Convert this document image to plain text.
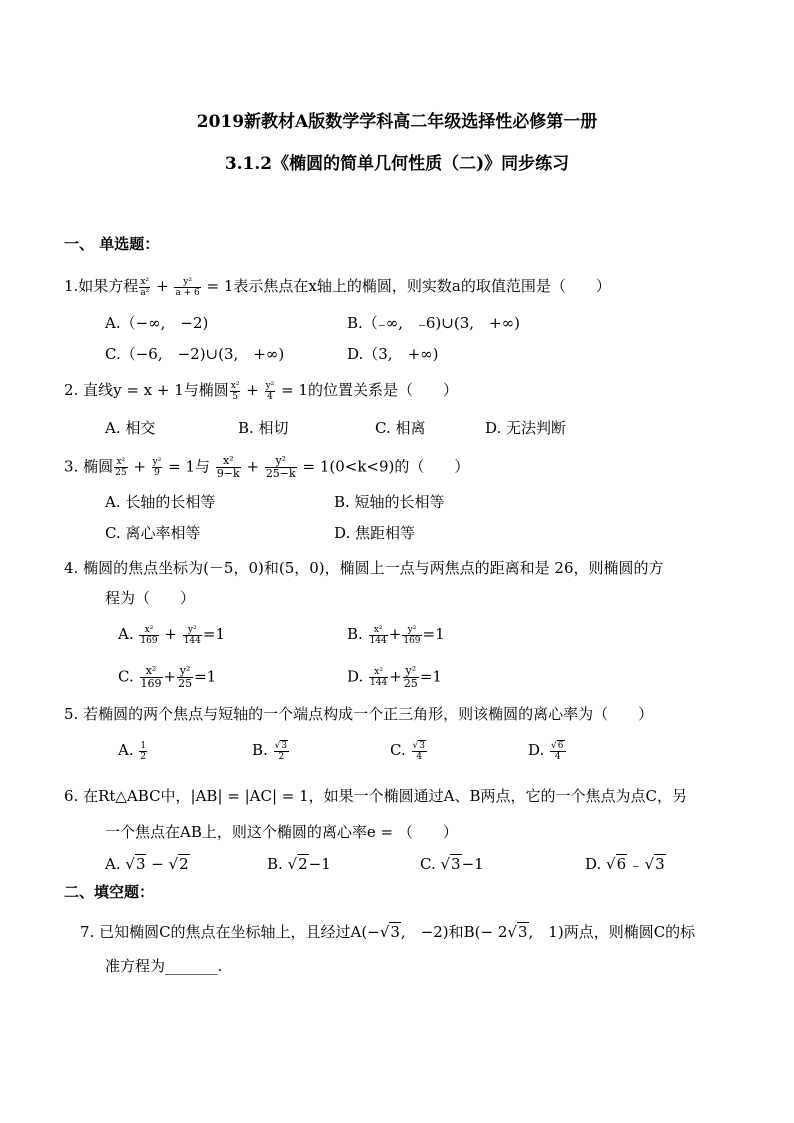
2019新教材A版数学学科高二年级选择性必修第一册
3.1.2《椭圆的简单几何性质（二)》同步练习
一、 单选题：
1.如果方程 $\frac{\text{x²}}{\text{a²}} + \frac{\text{y²}}{a + 6} = 1$表示焦点在x轴上的椭圆，则实数a的取值范围是（　　）
A.（−∞,　−2)	B.（₋∞,　₋6)∪(3,　+∞)
C.（−6,　−2)∪(3,　+∞)	D.（3,　+∞)
2. 直线y = x + 1与椭圆 $\frac{\text{x²}}{5} + \frac{\text{y²}}{4} = 1$的位置关系是（　　）
A. 相交	B. 相切	C. 相离	D. 无法判断
3. 椭圆 $\frac{\text{x²}}{25} + \frac{\text{y²}}{9} = 1$与 $\frac{\text{x²}}{9-k} + \frac{\text{y²}}{25-k} = 1(0<k<9)$的（　　）
A. 长轴的长相等	B. 短轴的长相等
C. 离心率相等	D. 焦距相等
4. 椭圆的焦点坐标为(－5，0)和(5，0)，椭圆上一点与两焦点的距离和是 26，则椭圆的方
程为（　　）
A. $\frac{\text{x²}}{169} + \frac{\text{y²}}{144} =1$	B. $\frac{\text{x²}}{144} + \frac{\text{y²}}{169} =1$
C. $\frac{\text{x²}}{169} + \frac{\text{y²}}{25} =1$	D. $\frac{\text{x²}}{144} + \frac{\text{y²}}{25} =1$
5. 若椭圆的两个焦点与短轴的一个端点构成一个正三角形，则该椭圆的离心率为（　　）
A. $\frac{1}{2}$	B. $\frac{√3}{2}$	C. $\frac{√3}{4}$	D. $\frac{√6}{4}$
6. 在Rt△ABC中，|AB| = |AC| = 1，如果一个椭圆通过A、B两点，它的一个焦点为点C，另
一个焦点在AB上，则这个椭圆的离心率e = （　　）
A. √3 − √2	B. √2−1	C. √3−1	D. √6 ₋ √3
二、填空题：
7. 已知椭圆C的焦点在坐标轴上，且经过A(−√3,　−2)和B(− 2√3,　1)两点，则椭圆C的标
准方程为_______.
